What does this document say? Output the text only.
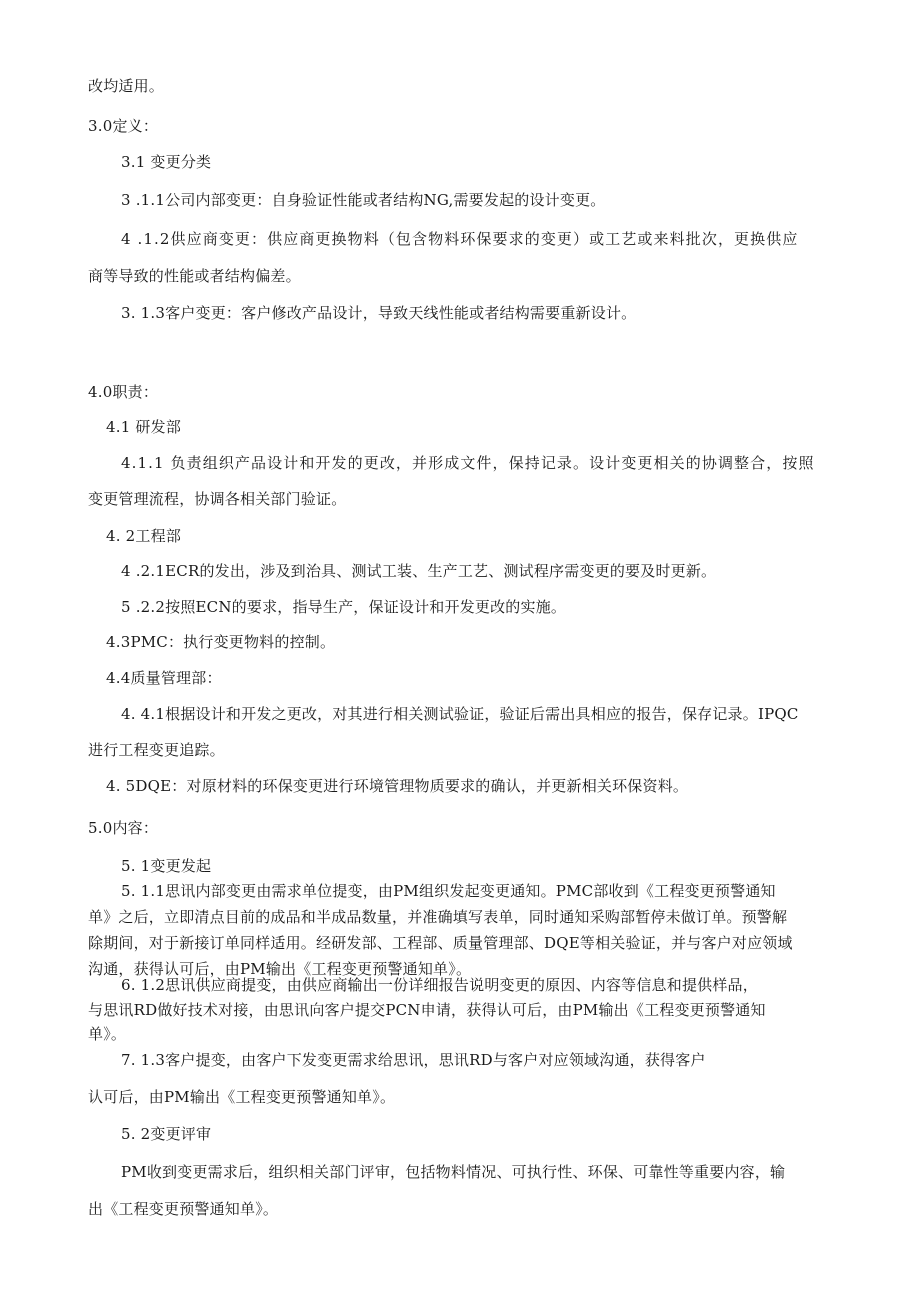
改均适用。
3.0定义：
3.1 变更分类
3 .1.1公司内部变更：自身验证性能或者结构NG,需要发起的设计变更。
4 .1.2供应商变更：供应商更换物料（包含物料环保要求的变更）或工艺或来料批次，更换供应
商等导致的性能或者结构偏差。
3. 1.3客户变更：客户修改产品设计，导致天线性能或者结构需要重新设计。
4.0职责：
4.1 研发部
4.1.1 负责组织产品设计和开发的更改，并形成文件，保持记录。设计变更相关的协调整合，按照
变更管理流程，协调各相关部门验证。
4. 2工程部
4 .2.1ECR的发出，涉及到治具、测试工装、生产工艺、测试程序需变更的要及时更新。
5 .2.2按照ECN的要求，指导生产，保证设计和开发更改的实施。
4.3PMC：执行变更物料的控制。
4.4质量管理部：
4. 4.1根据设计和开发之更改，对其进行相关测试验证，验证后需出具相应的报告，保存记录。IPQC
进行工程变更追踪。
4. 5DQE：对原材料的环保变更进行环境管理物质要求的确认，并更新相关环保资料。
5.0内容：
5. 1变更发起
5. 1.1思讯内部变更由需求单位提变，由PM组织发起变更通知。PMC部收到《工程变更预警通知
单》之后，立即清点目前的成品和半成品数量，并准确填写表单，同时通知采购部暂停未做订单。预警解
除期间，对于新接订单同样适用。经研发部、工程部、质量管理部、DQE等相关验证，并与客户对应领域
沟通，获得认可后，由PM输出《工程变更预警通知单》。
6. 1.2思讯供应商提变，由供应商输出一份详细报告说明变更的原因、内容等信息和提供样品，
与思讯RD做好技术对接，由思讯向客户提交PCN申请，获得认可后，由PM输出《工程变更预警通知
单》。
7. 1.3客户提变，由客户下发变更需求给思讯，思讯RD与客户对应领域沟通，获得客户
认可后，由PM输出《工程变更预警通知单》。
5. 2变更评审
PM收到变更需求后，组织相关部门评审，包括物料情况、可执行性、环保、可靠性等重要内容，输
出《工程变更预警通知单》。
